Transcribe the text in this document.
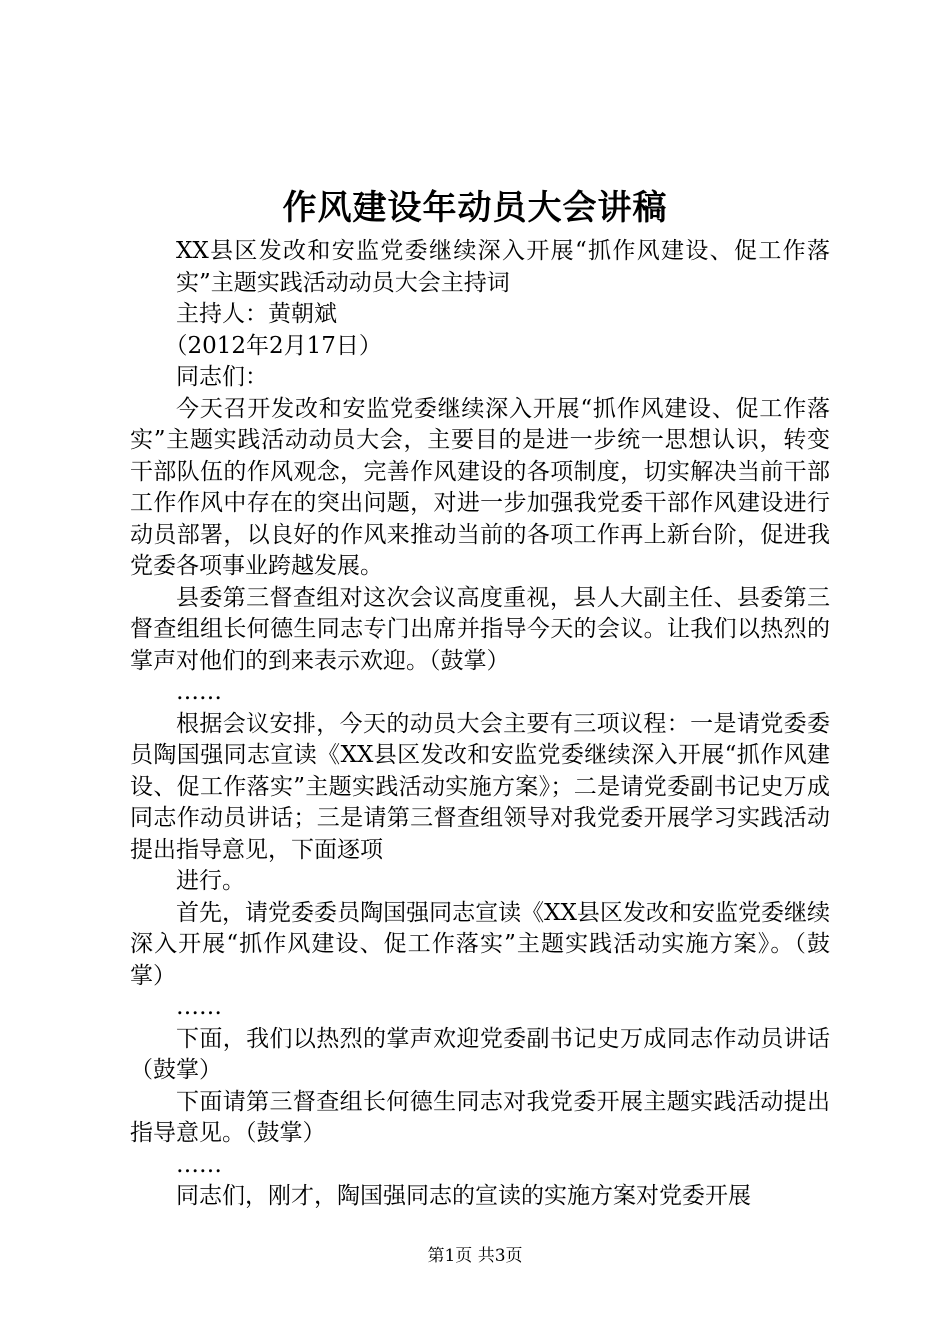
作风建设年动员大会讲稿

XX县区发改和安监党委继续深入开展“抓作风建设、促工作落实”主题实践活动动员大会主持词

主持人：黄朝斌

（2012年2月17日）

同志们：

今天召开发改和安监党委继续深入开展“抓作风建设、促工作落实”主题实践活动动员大会，主要目的是进一步统一思想认识，转变干部队伍的作风观念，完善作风建设的各项制度，切实解决当前干部工作作风中存在的突出问题，对进一步加强我党委干部作风建设进行动员部署，以良好的作风来推动当前的各项工作再上新台阶，促进我党委各项事业跨越发展。

县委第三督查组对这次会议高度重视，县人大副主任、县委第三督查组组长何德生同志专门出席并指导今天的会议。让我们以热烈的掌声对他们的到来表示欢迎。（鼓掌）

……

根据会议安排，今天的动员大会主要有三项议程：一是请党委委员陶国强同志宣读《XX县区发改和安监党委继续深入开展“抓作风建设、促工作落实”主题实践活动实施方案》；二是请党委副书记史万成同志作动员讲话；三是请第三督查组领导对我党委开展学习实践活动提出指导意见，下面逐项

进行。

首先，请党委委员陶国强同志宣读《XX县区发改和安监党委继续深入开展“抓作风建设、促工作落实”主题实践活动实施方案》。（鼓掌）

……

下面，我们以热烈的掌声欢迎党委副书记史万成同志作动员讲话（鼓掌）

下面请第三督查组长何德生同志对我党委开展主题实践活动提出指导意见。（鼓掌）

……

同志们，刚才，陶国强同志的宣读的实施方案对党委开展

第1页 共3页
